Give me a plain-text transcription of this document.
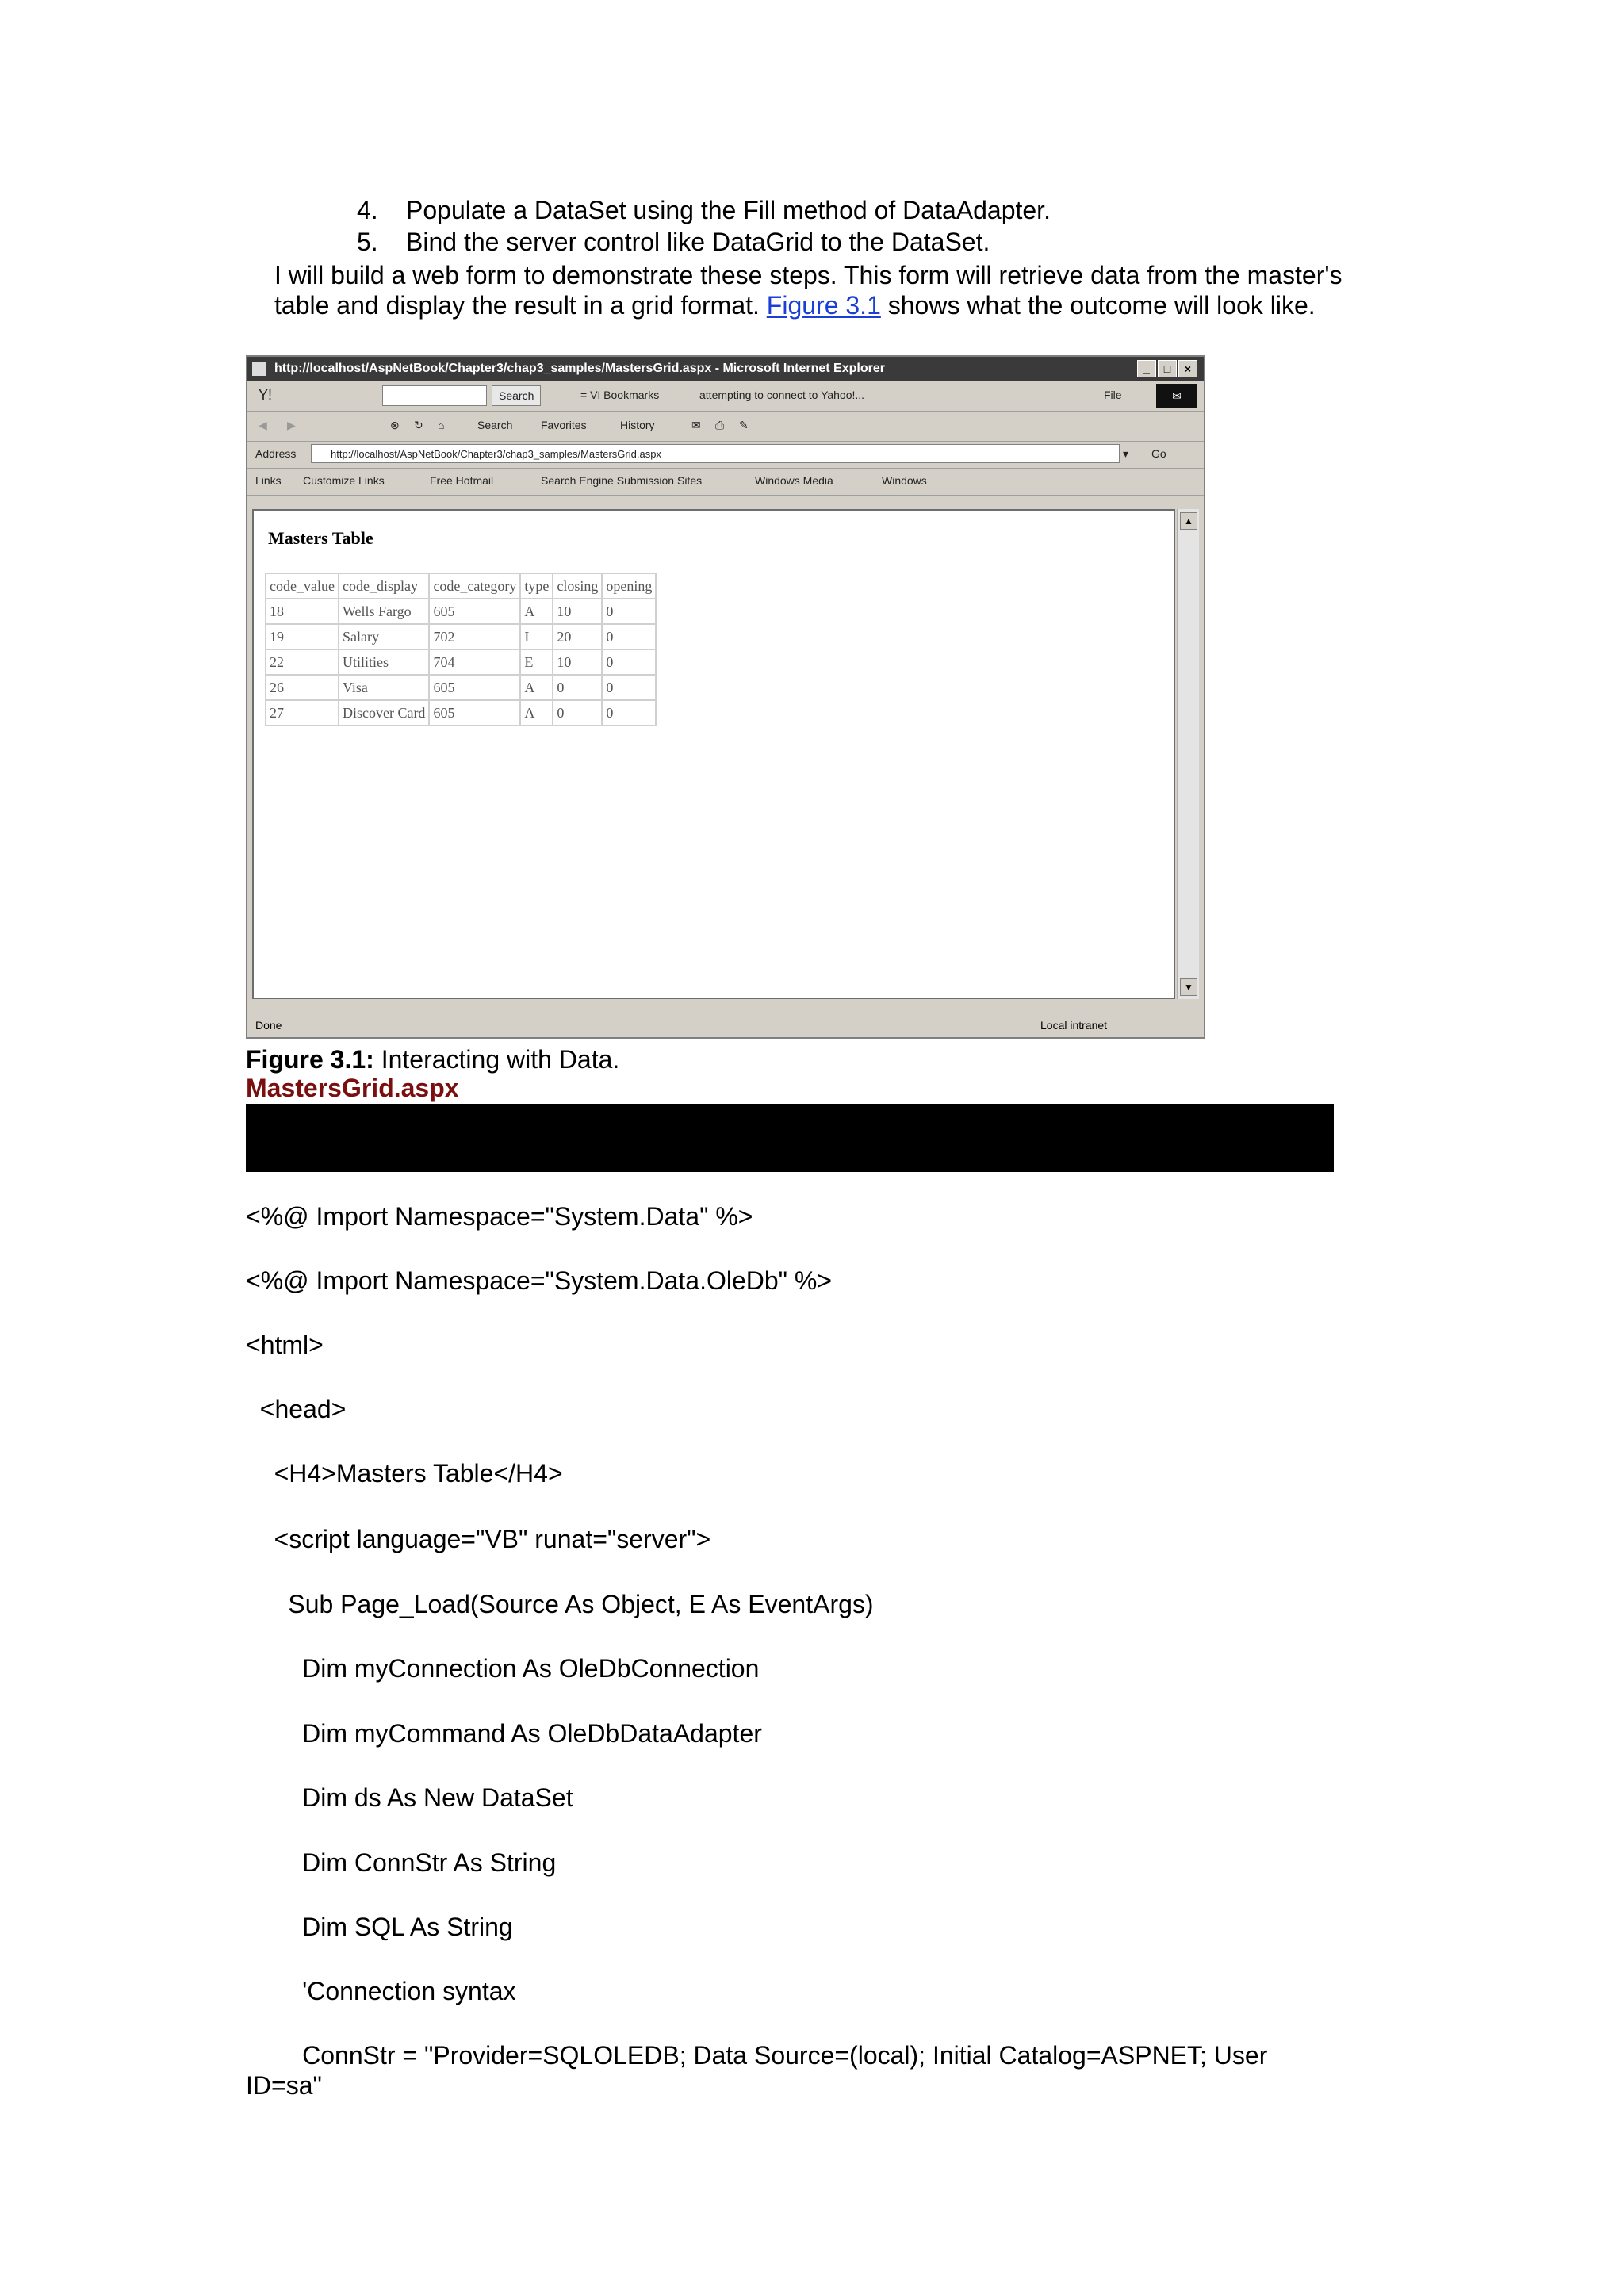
4.	Populate a DataSet using the Fill method of DataAdapter.
5.	Bind the server control like DataGrid to the DataSet.
I will build a web form to demonstrate these steps. This form will retrieve data from the master's table and display the result in a grid format. Figure 3.1 shows what the outcome will look like.
http://localhost/AspNetBook/Chapter3/chap3_samples/MastersGrid.aspx - Microsoft Internet Explorer	_	□	×
Y!	Search	= VI Bookmarks	attempting to connect to Yahoo!...	File	✉
◀ ▶	⊗ ↻ ⌂	Search	Favorites	History	✉ ⎙ ✎
Address	http://localhost/AspNetBook/Chapter3/chap3_samples/MastersGrid.aspx	▾ Go
Links Customize Links	Free Hotmail	Search Engine Submission Sites	Windows Media	Windows
Masters Table
code_value	code_display	code_category	type	closing	opening
18	Wells Fargo	605	A	10	0
19	Salary	702	I	20	0
22	Utilities	704	E	10	0
26	Visa	605	A	0	0
27	Discover Card	605	A	0	0
▲
▼
Done	Local intranet
Figure 3.1: Interacting with Data.
MastersGrid.aspx
<%@ Import Namespace="System.Data" %>
<%@ Import Namespace="System.Data.OleDb" %>
<html>
<head>
<H4>Masters Table</H4>
<script language="VB" runat="server">
Sub Page_Load(Source As Object, E As EventArgs)
Dim myConnection As OleDbConnection
Dim myCommand As OleDbDataAdapter
Dim ds As New DataSet
Dim ConnStr As String
Dim SQL As String
'Connection syntax
ConnStr = "Provider=SQLOLEDB; Data Source=(local); Initial Catalog=ASPNET; User
ID=sa"
